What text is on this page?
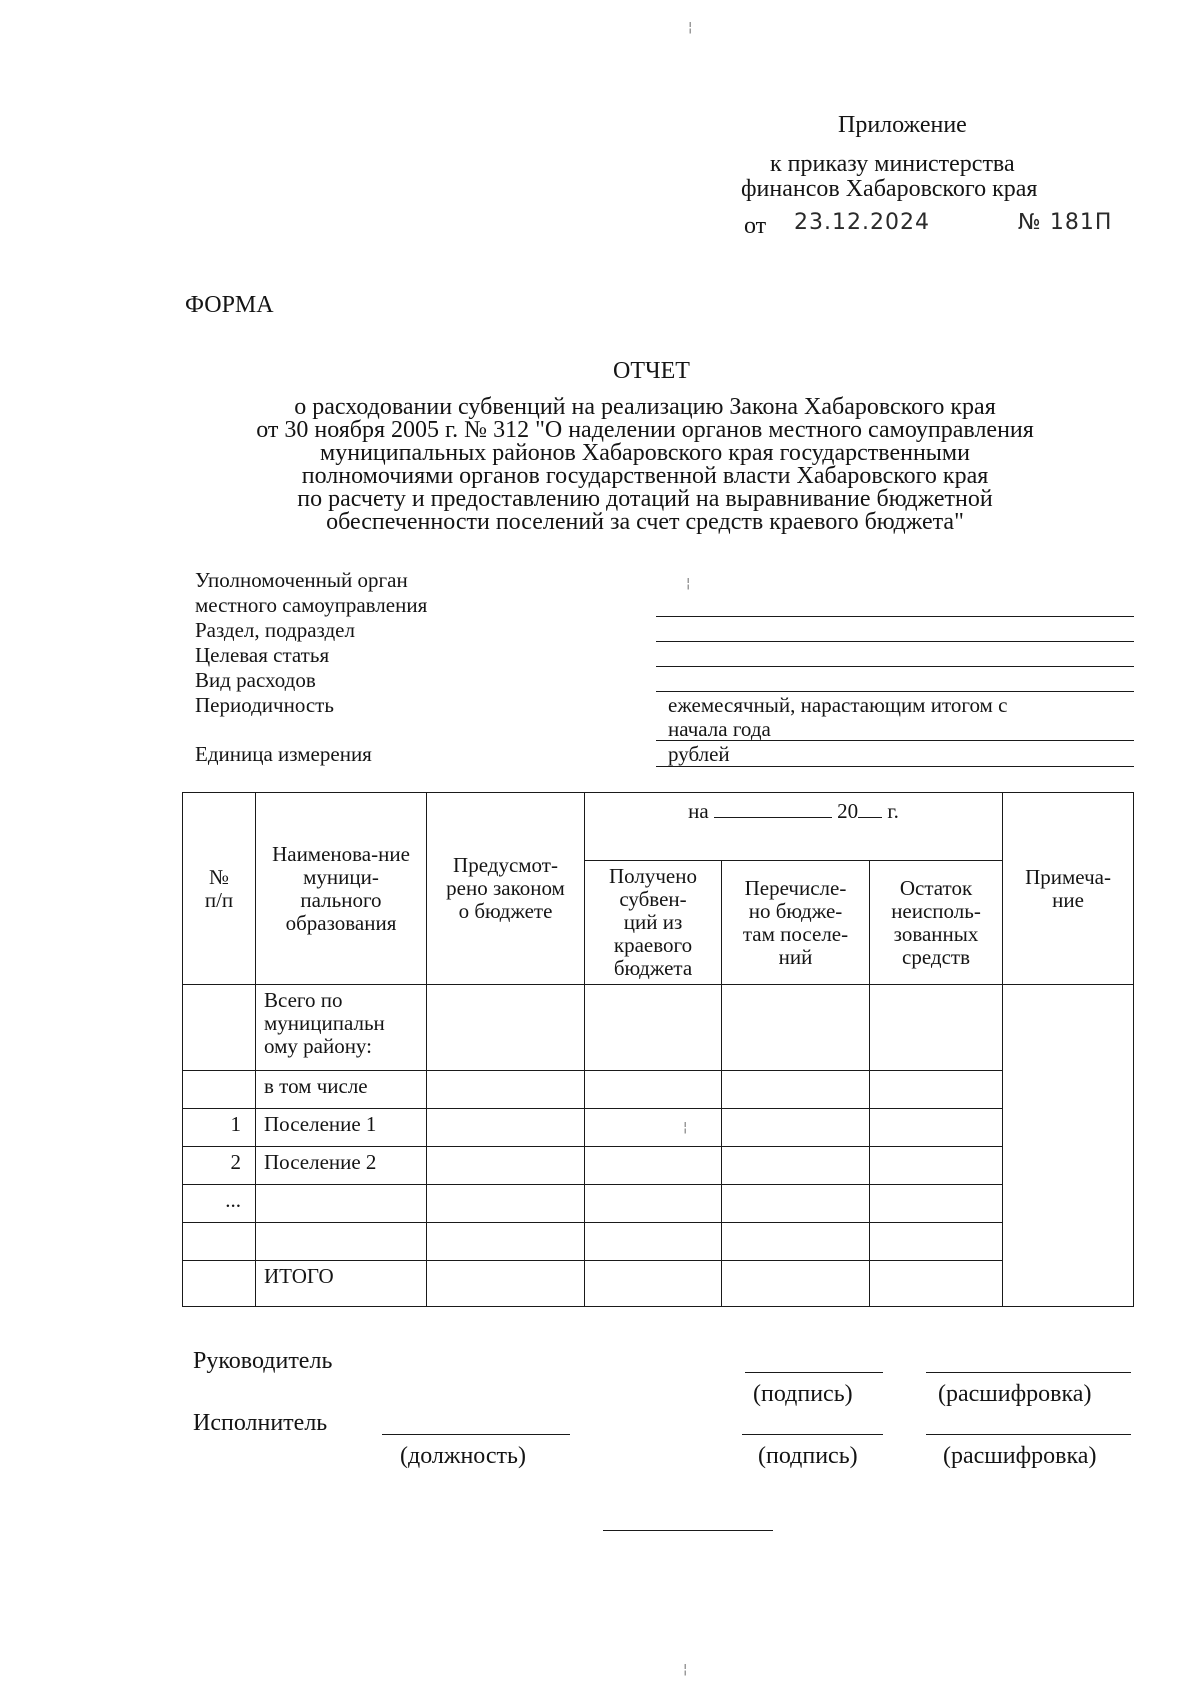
Приложение
к приказу министерства
финансов Хабаровского края
от 23.12.2024	№ 181П
ФОРМА
ОТЧЕТ
о расходовании субвенций на реализацию Закона Хабаровского края
от 30 ноября 2005 г. № 312 "О наделении органов местного самоуправления
муниципальных районов Хабаровского края государственными
полномочиями органов государственной власти Хабаровского края
по расчету и предоставлению дотаций на выравнивание бюджетной
обеспеченности поселений за счет средств краевого бюджета"
Уполномоченный орган
местного самоуправления
Раздел, подраздел
Целевая статья
Вид расходов
Периодичность
Единица измерения
ежемесячный, нарастающим итогом с
начала года
рублей
№ п/п	Наименова-ние муници-пального образования	Предусмот-рено законом о бюджете	на 20 г.			Примеча-ние
			Получено субвен-ций из краевого бюджета	Перечисле-но бюдже-там поселе-ний	Остаток неисполь-зованных средств	
	Всего по муниципальн ому району:					
	в том числе					
1	Поселение 1					
2	Поселение 2					
...						

	ИТОГО					
Руководитель
(подпись)	(расшифровка)
Исполнитель
(должность)	(подпись)	(расшифровка)
¦
¦
¦
¦
